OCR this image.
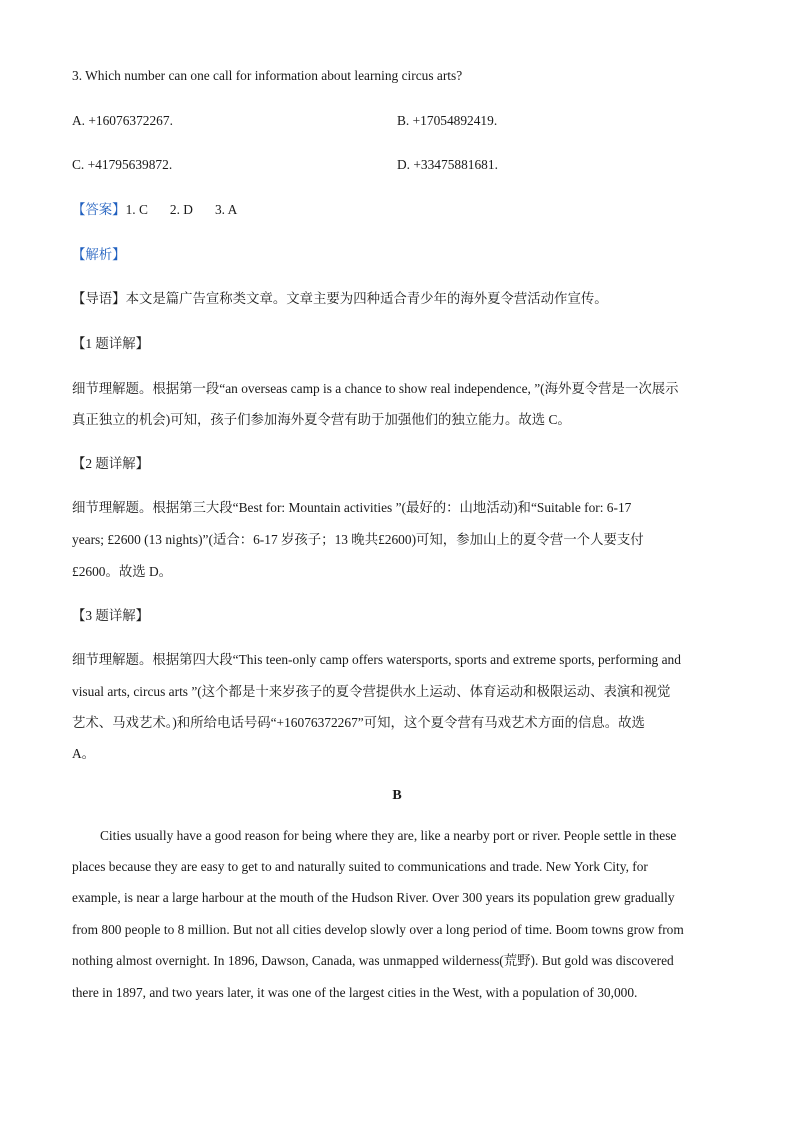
3. Which number can one call for information about learning circus arts?
A. +16076372267.	B. +17054892419.
C. +41795639872.	D. +33475881681.
【答案】1. C 2. D 3. A
【解析】
【导语】本文是篇广告宣称类文章。文章主要为四种适合青少年的海外夏令营活动作宣传。
【1 题详解】
细节理解题。根据第一段“an overseas camp is a chance to show real independence, ”(海外夏令营是一次展示
真正独立的机会)可知，孩子们参加海外夏令营有助于加强他们的独立能力。故选 C。
【2 题详解】
细节理解题。根据第三大段“Best for: Mountain activities ”(最好的：山地活动)和“Suitable for: 6-17
years; £2600 (13 nights)”(适合：6-17 岁孩子；13 晚共£2600)可知，参加山上的夏令营一个人要支付
£2600。故选 D。
【3 题详解】
细节理解题。根据第四大段“This teen-only camp offers watersports, sports and extreme sports, performing and
visual arts, circus arts ”(这个都是十来岁孩子的夏令营提供水上运动、体育运动和极限运动、表演和视觉
艺术、马戏艺术。)和所给电话号码“+16076372267”可知，这个夏令营有马戏艺术方面的信息。故选
A。
B
Cities usually have a good reason for being where they are, like a nearby port or river. People settle in these
places because they are easy to get to and naturally suited to communications and trade. New York City, for
example, is near a large harbour at the mouth of the Hudson River. Over 300 years its population grew gradually
from 800 people to 8 million. But not all cities develop slowly over a long period of time. Boom towns grow from
nothing almost overnight. In 1896, Dawson, Canada, was unmapped wilderness(荒野). But gold was discovered
there in 1897, and two years later, it was one of the largest cities in the West, with a population of 30,000.
